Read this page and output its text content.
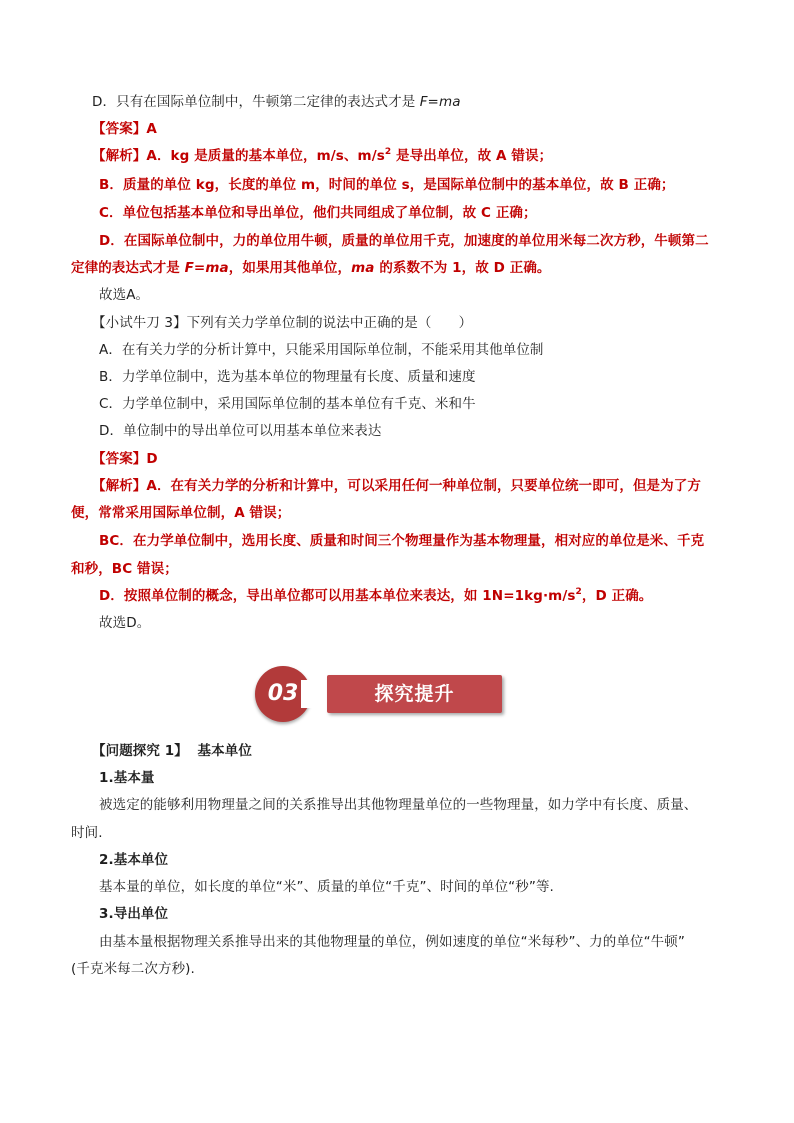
D．只有在国际单位制中，牛顿第二定律的表达式才是 F=ma
【答案】A
【解析】A．kg 是质量的基本单位，m/s、$m/s^2$ 是导出单位，故 A 错误；
B．质量的单位 kg，长度的单位 m，时间的单位 s，是国际单位制中的基本单位，故 B 正确；
C．单位包括基本单位和导出单位，他们共同组成了单位制，故 C 正确；
D．在国际单位制中，力的单位用牛顿，质量的单位用千克，加速度的单位用米每二次方秒，牛顿第二
定律的表达式才是 F=ma，如果用其他单位，ma 的系数不为 1，故 D 正确。
故选A。
【小试牛刀 3】下列有关力学单位制的说法中正确的是（　　）
A．在有关力学的分析计算中，只能采用国际单位制，不能采用其他单位制
B．力学单位制中，选为基本单位的物理量有长度、质量和速度
C．力学单位制中，采用国际单位制的基本单位有千克、米和牛
D．单位制中的导出单位可以用基本单位来表达
【答案】D
【解析】A．在有关力学的分析和计算中，可以采用任何一种单位制，只要单位统一即可，但是为了方
便，常常采用国际单位制，A 错误；
BC．在力学单位制中，选用长度、质量和时间三个物理量作为基本物理量，相对应的单位是米、千克
和秒，BC 错误；
D．按照单位制的概念，导出单位都可以用基本单位来表达，如 $1N=1kg\cdot m/s^2$，D 正确。
故选D。
03	探究提升
【问题探究 1】 基本单位
1.基本量
被选定的能够利用物理量之间的关系推导出其他物理量单位的一些物理量，如力学中有长度、质量、
时间.
2.基本单位
基本量的单位，如长度的单位“米”、质量的单位“千克”、时间的单位“秒”等.
3.导出单位
由基本量根据物理关系推导出来的其他物理量的单位，例如速度的单位“米每秒”、力的单位“牛顿”
(千克米每二次方秒).
